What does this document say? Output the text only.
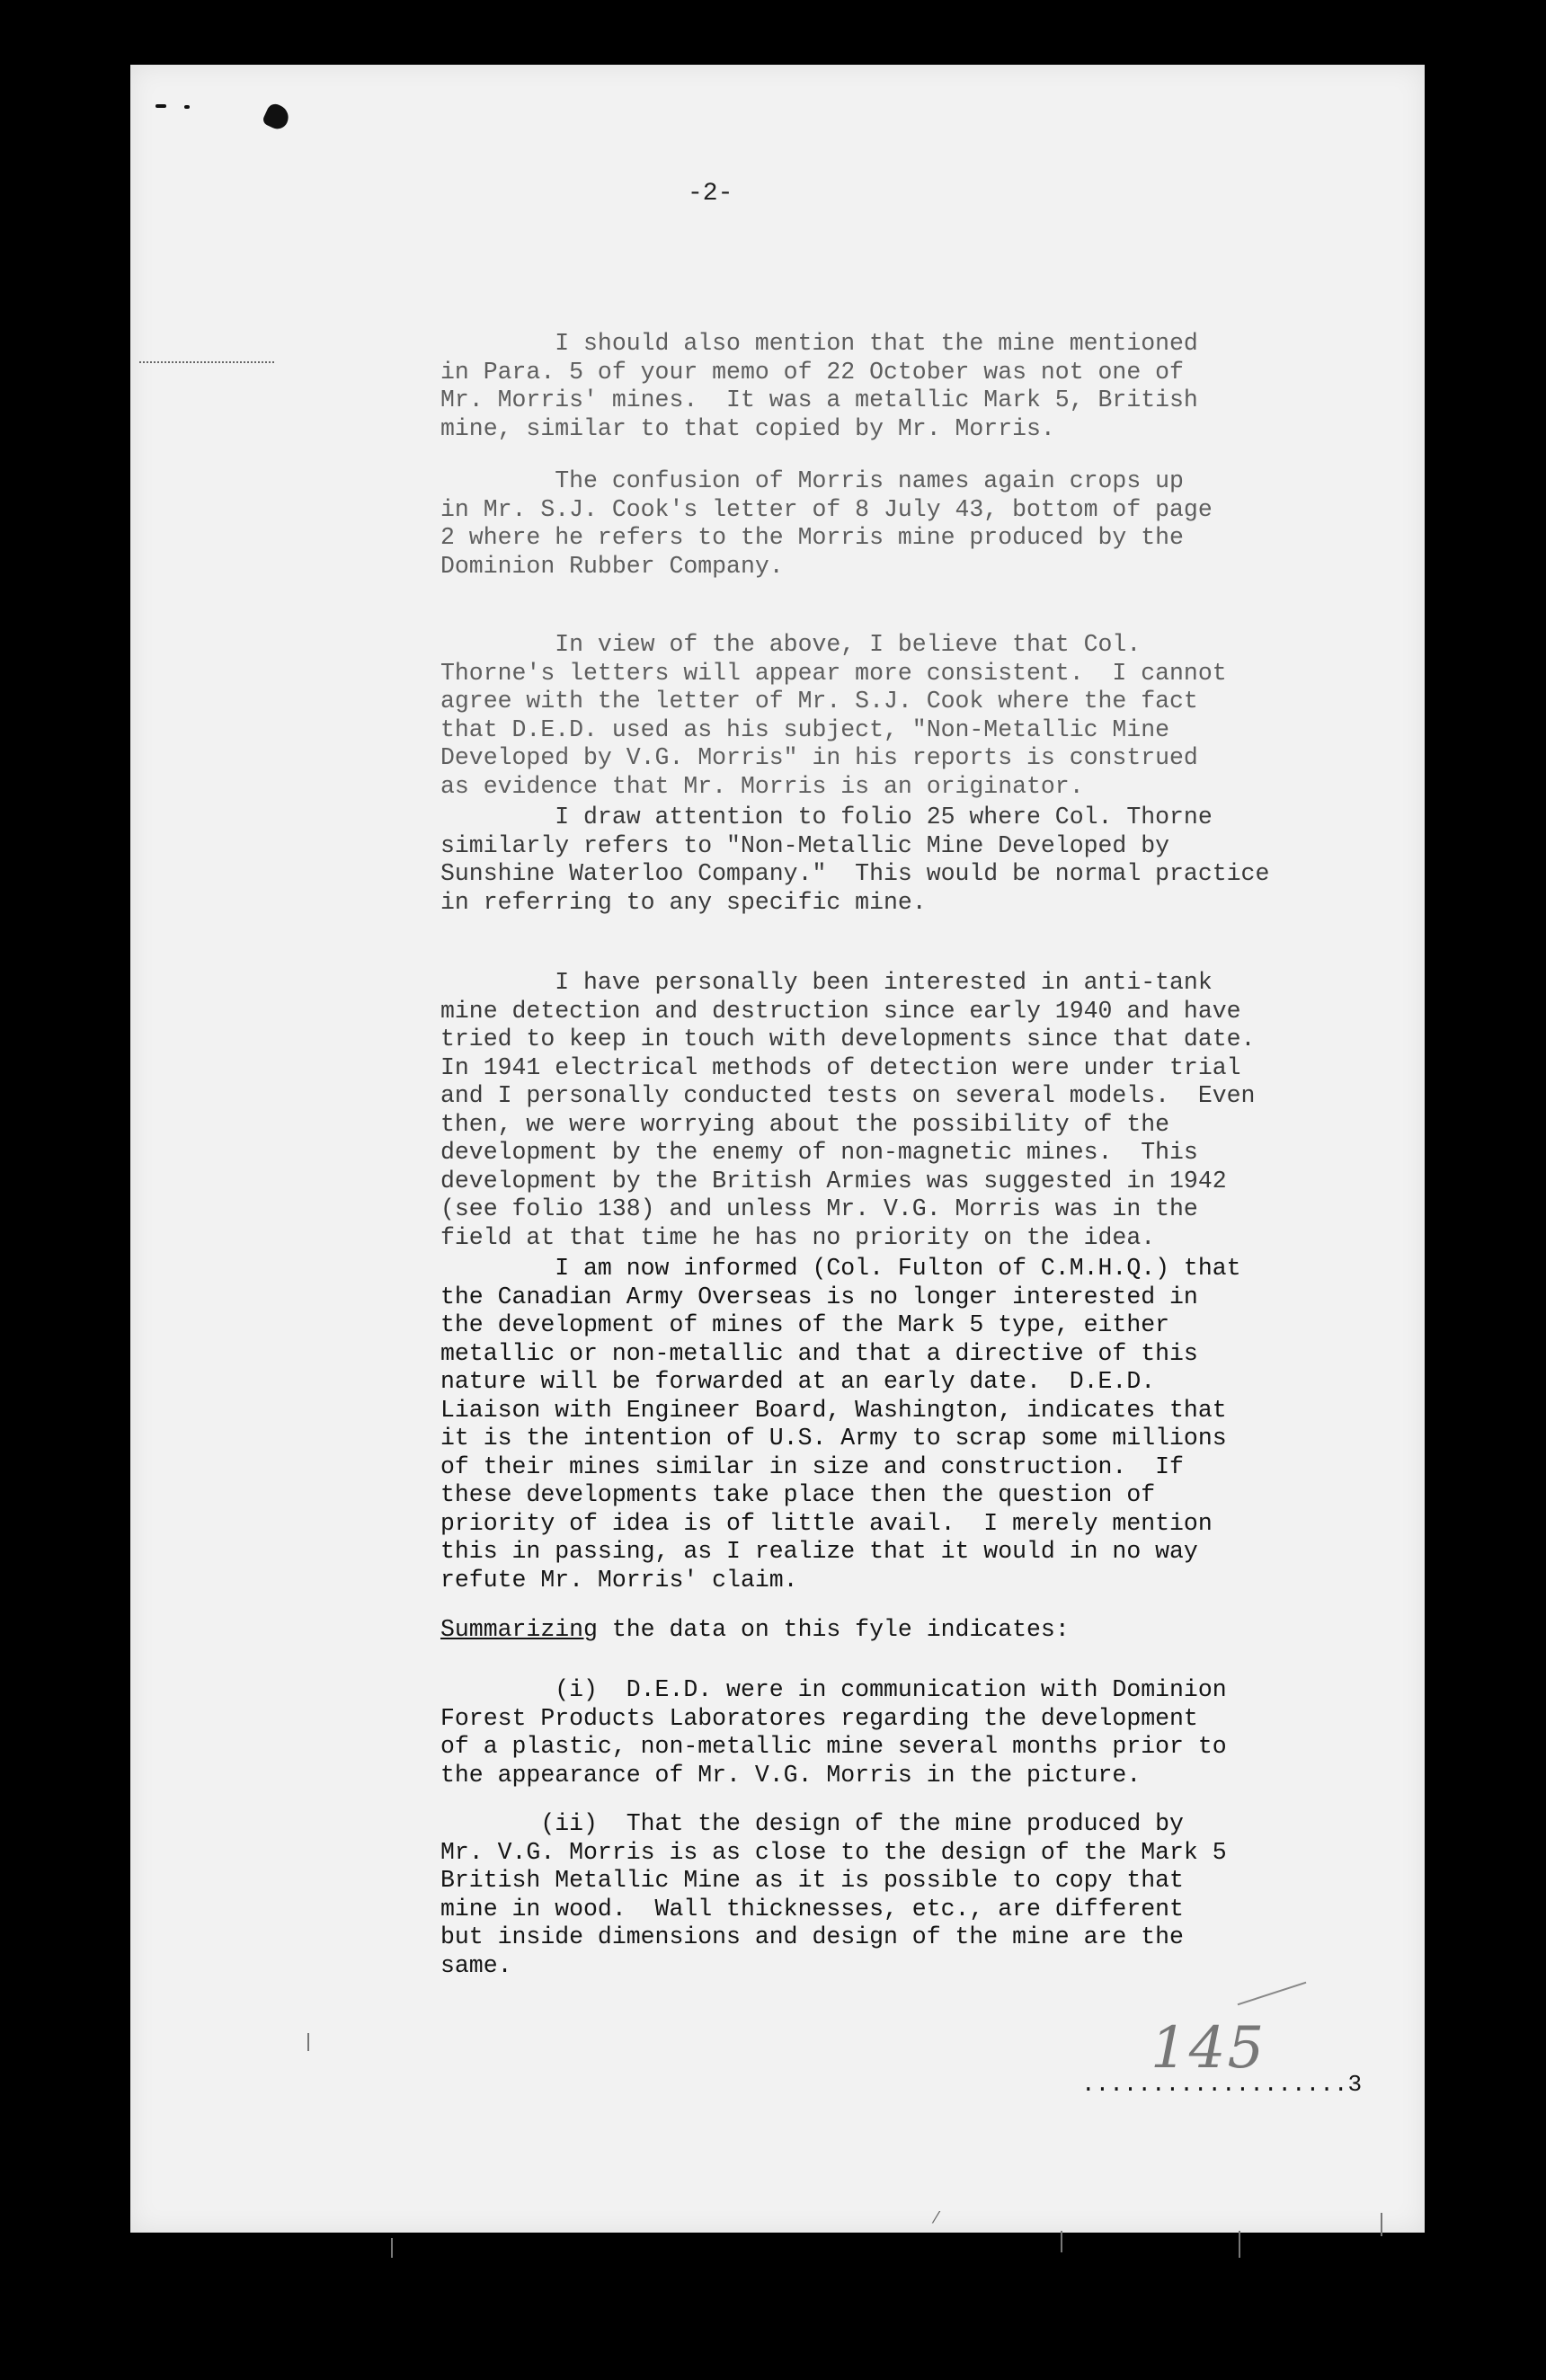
-2-
I should also mention that the mine mentioned
in Para. 5 of your memo of 22 October was not one of
Mr. Morris' mines.  It was a metallic Mark 5, British
mine, similar to that copied by Mr. Morris.
The confusion of Morris names again crops up
in Mr. S.J. Cook's letter of 8 July 43, bottom of page
2 where he refers to the Morris mine produced by the
Dominion Rubber Company.
In view of the above, I believe that Col.
Thorne's letters will appear more consistent.  I cannot
agree with the letter of Mr. S.J. Cook where the fact
that D.E.D. used as his subject, "Non-Metallic Mine
Developed by V.G. Morris" in his reports is construed
as evidence that Mr. Morris is an originator.
I draw attention to folio 25 where Col. Thorne
similarly refers to "Non-Metallic Mine Developed by
Sunshine Waterloo Company."  This would be normal practice
in referring to any specific mine.
I have personally been interested in anti-tank
mine detection and destruction since early 1940 and have
tried to keep in touch with developments since that date.
In 1941 electrical methods of detection were under trial
and I personally conducted tests on several models.  Even
then, we were worrying about the possibility of the
development by the enemy of non-magnetic mines.  This
development by the British Armies was suggested in 1942
(see folio 138) and unless Mr. V.G. Morris was in the
field at that time he has no priority on the idea.
I am now informed (Col. Fulton of C.M.H.Q.) that
the Canadian Army Overseas is no longer interested in
the development of mines of the Mark 5 type, either
metallic or non-metallic and that a directive of this
nature will be forwarded at an early date.  D.E.D.
Liaison with Engineer Board, Washington, indicates that
it is the intention of U.S. Army to scrap some millions
of their mines similar in size and construction.  If
these developments take place then the question of
priority of idea is of little avail.  I merely mention
this in passing, as I realize that it would in no way
refute Mr. Morris' claim.
Summarizing the data on this fyle indicates:
(i)  D.E.D. were in communication with Dominion
Forest Products Laboratores regarding the development
of a plastic, non-metallic mine several months prior to
the appearance of Mr. V.G. Morris in the picture.
(ii)  That the design of the mine produced by
Mr. V.G. Morris is as close to the design of the Mark 5
British Metallic Mine as it is possible to copy that
mine in wood.  Wall thicknesses, etc., are different
but inside dimensions and design of the mine are the
same.
145
...................3
⁄
